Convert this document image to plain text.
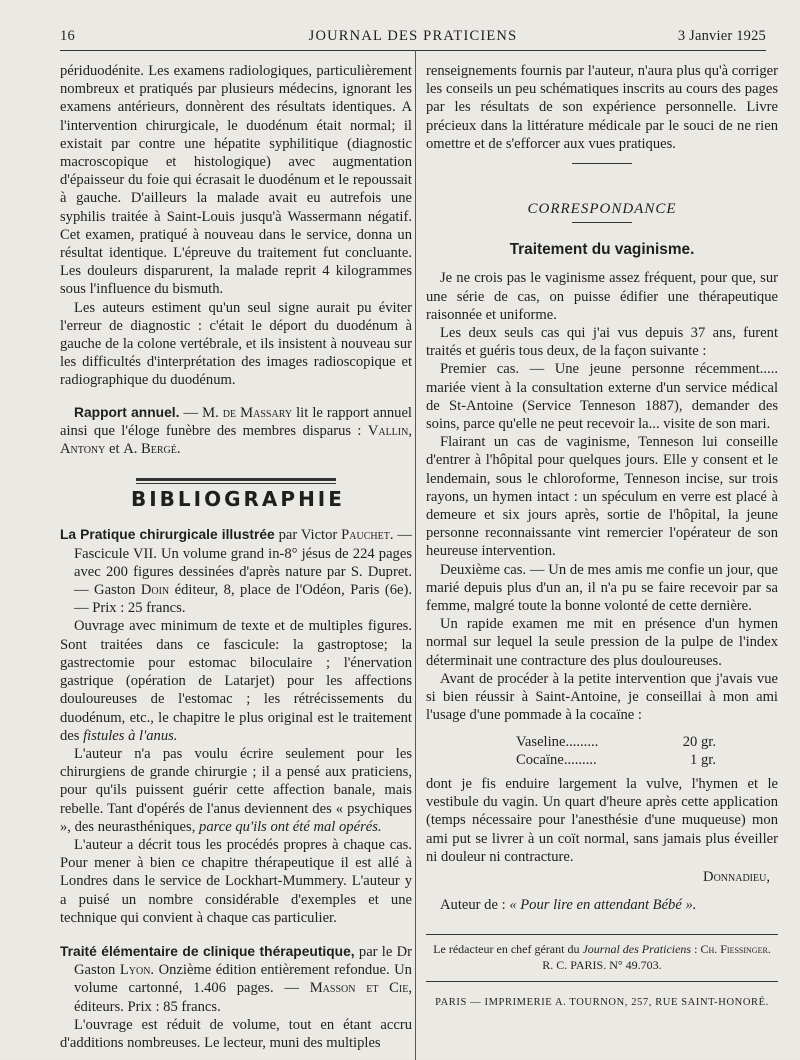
16	JOURNAL DES PRATICIENS	3 Janvier 1925

périduodénite. Les examens radiologiques, particulièrement nombreux et pratiqués par plusieurs médecins, ignorant les examens antérieurs, donnèrent des résultats identiques. A l'intervention chirurgicale, le duodénum était normal; il existait par contre une hépatite syphilitique (diagnostic macroscopique et histologique) avec augmentation d'épaisseur du foie qui écrasait le duodénum et le repoussait à gauche. D'ailleurs la malade avait eu autrefois une syphilis traitée à Saint-Louis jusqu'à Wassermann négatif. Cet examen, pratiqué à nouveau dans le service, donna un résultat identique. L'épreuve du traitement fut concluante. Les douleurs disparurent, la malade reprit 4 kilogrammes sous l'influence du bismuth.

Les auteurs estiment qu'un seul signe aurait pu éviter l'erreur de diagnostic : c'était le déport du duodénum à gauche de la colone vertébrale, et ils insistent à nouveau sur les difficultés d'interprétation des images radioscopique et radiographique du duodénum.

Rapport annuel. — M. de Massary lit le rapport annuel ainsi que l'éloge funèbre des membres disparus : Vallin, Antony et A. Bergé.

BIBLIOGRAPHIE

La Pratique chirurgicale illustrée par Victor Pauchet. — Fascicule VII. Un volume grand in-8° jésus de 224 pages avec 200 figures dessinées d'après nature par S. Dupret. — Gaston Doin éditeur, 8, place de l'Odéon, Paris (6e). — Prix : 25 francs.

Ouvrage avec minimum de texte et de multiples figures. Sont traitées dans ce fascicule: la gastroptose; la gastrectomie pour estomac biloculaire ; l'énervation gastrique (opération de Latarjet) pour les affections douloureuses de l'estomac ; les rétrécissements du duodénum, etc., le chapitre le plus original est le traitement des fistules à l'anus.

L'auteur n'a pas voulu écrire seulement pour les chirurgiens de grande chirurgie ; il a pensé aux praticiens, pour qu'ils puissent guérir cette affection banale, mais rebelle. Tant d'opérés de l'anus deviennent des « psychiques », des neurasthéniques, parce qu'ils ont été mal opérés.

L'auteur a décrit tous les procédés propres à chaque cas. Pour mener à bien ce chapitre thérapeutique il est allé à Londres dans le service de Lockhart-Mummery. L'auteur y a puisé un nombre considérable d'exemples et une technique qui convient à chaque cas particulier.

Traité élémentaire de clinique thérapeutique, par le Dr Gaston Lyon. Onzième édition entièrement refondue. Un volume cartonné, 1.406 pages. — Masson et Cie, éditeurs. Prix : 85 francs.

L'ouvrage est réduit de volume, tout en étant accru d'additions nombreuses. Le lecteur, muni des multiples

renseignements fournis par l'auteur, n'aura plus qu'à corriger les conseils un peu schématiques inscrits au cours des pages par les résultats de son expérience personnelle. Livre précieux dans la littérature médicale par le souci de ne rien omettre et de s'efforcer aux vues pratiques.

CORRESPONDANCE
Traitement du vaginisme.

Je ne crois pas le vaginisme assez fréquent, pour que, sur une série de cas, on puisse édifier une thérapeutique raisonnée et uniforme.

Les deux seuls cas qui j'ai vus depuis 37 ans, furent traités et guéris tous deux, de la façon suivante :

Premier cas. — Une jeune personne récemment..... mariée vient à la consultation externe d'un service médical de St-Antoine (Service Tenneson 1887), demander des soins, parce qu'elle ne peut recevoir la... visite de son mari.

Flairant un cas de vaginisme, Tenneson lui conseille d'entrer à l'hôpital pour quelques jours. Elle y consent et le lendemain, sous le chloroforme, Tenneson incise, sur trois rayons, un hymen intact : un spéculum en verre est placé à demeure et six jours après, sortie de l'hôpital, la jeune personne reconnaissante vint remercier l'opérateur de son heureuse intervention.

Deuxième cas. — Un de mes amis me confie un jour, que marié depuis plus d'un an, il n'a pu se faire recevoir par sa femme, malgré toute la bonne volonté de cette dernière.

Un rapide examen me mit en présence d'un hymen normal sur lequel la seule pression de la pulpe de l'index déterminait une contracture des plus douloureuses.

Avant de procéder à la petite intervention que j'avais vue si bien réussir à Saint-Antoine, je conseillai à mon ami l'usage d'une pommade à la cocaïne :

Vaseline.........	20 gr.
Cocaïne.........	1 gr.

dont je fis enduire largement la vulve, l'hymen et le vestibule du vagin. Un quart d'heure après cette application (temps nécessaire pour l'anesthésie d'une muqueuse) mon ami put se livrer à un coït normal, sans jamais plus éveiller ni douleur ni contracture.

Donnadieu,

Auteur de : « Pour lire en attendant Bébé ».

Le rédacteur en chef gérant du Journal des Praticiens : Ch. Fiessinger.
R. C. PARIS. N° 49.703.
PARIS — IMPRIMERIE A. TOURNON, 257, RUE SAINT-HONORÉ.
